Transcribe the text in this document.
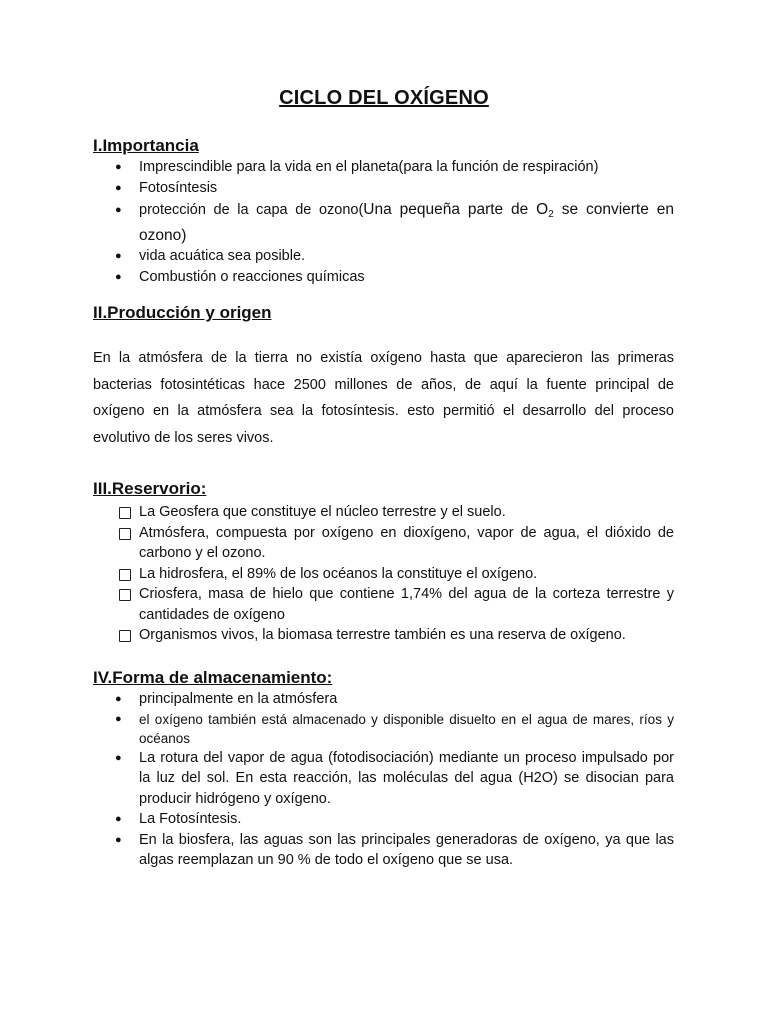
CICLO DEL OXÍGENO
I.Importancia
● Imprescindible para la vida en el planeta(para la función de respiración)
● Fotosíntesis
● protección de la capa de ozono(Una pequeña parte de $O_2$ se convierte en ozono)
● vida acuática sea posible.
● Combustión o reacciones químicas
II.Producción y origen

En la atmósfera de la tierra no existía oxígeno hasta que aparecieron las primeras bacterias fotosintéticas hace 2500 millones de años, de aquí la fuente principal de oxígeno en la atmósfera sea la fotosíntesis. esto permitió el desarrollo del proceso evolutivo de los seres vivos.

III.Reservorio:
La Geosfera que constituye el núcleo terrestre y el suelo.
Atmósfera, compuesta por oxígeno en dioxígeno, vapor de agua, el dióxido de carbono y el ozono.
La hidrosfera, el 89% de los océanos la constituye el oxígeno.
Criosfera, masa de hielo que contiene 1,74% del agua de la corteza terrestre y cantidades de oxígeno
Organismos vivos, la biomasa terrestre también es una reserva de oxígeno.
IV.Forma de almacenamiento:
● principalmente en la atmósfera
● el oxígeno también está almacenado y disponible disuelto en el agua de mares, ríos y océanos
● La rotura del vapor de agua (fotodisociación) mediante un proceso impulsado por la luz del sol. En esta reacción, las moléculas del agua (H2O) se disocian para producir hidrógeno y oxígeno.
● La Fotosíntesis.
● En la biosfera, las aguas son las principales generadoras de oxígeno, ya que las algas reemplazan un 90 % de todo el oxígeno que se usa.
